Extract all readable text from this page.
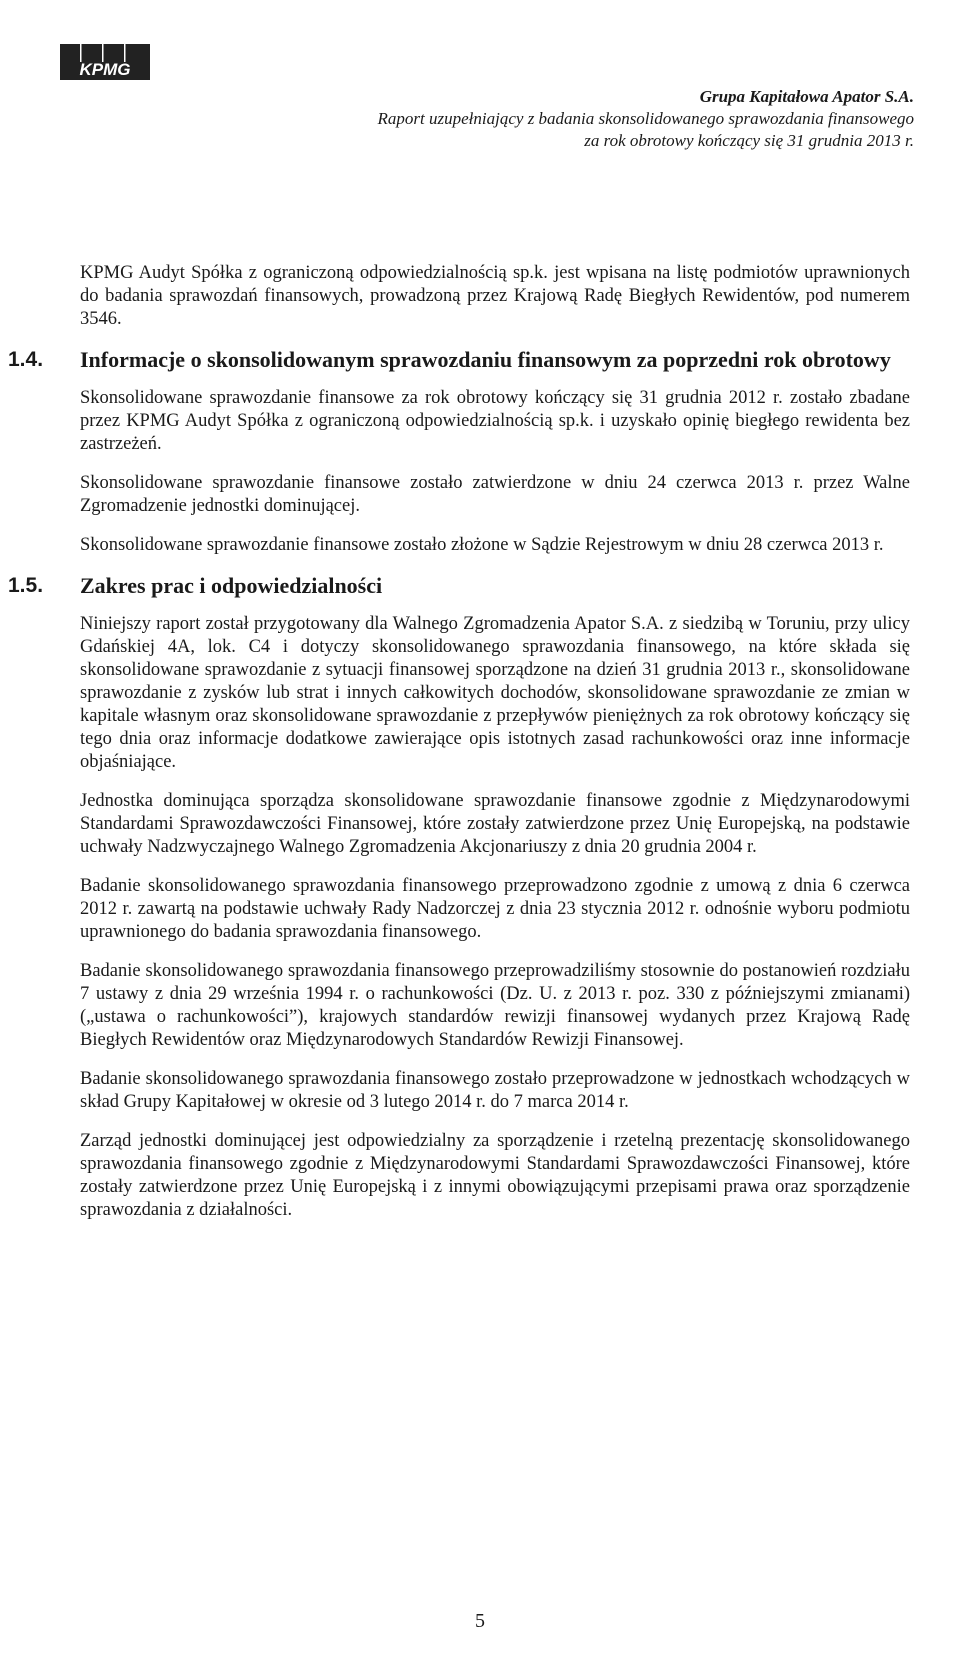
KPMG
Grupa Kapitałowa Apator S.A.
Raport uzupełniający z badania skonsolidowanego sprawozdania finansowego
za rok obrotowy kończący się 31 grudnia 2013 r.

KPMG Audyt Spółka z ograniczoną odpowiedzialnością sp.k. jest wpisana na listę podmiotów uprawnionych do badania sprawozdań finansowych, prowadzoną przez Krajową Radę Biegłych Rewidentów, pod numerem 3546.

1.4. Informacje o skonsolidowanym sprawozdaniu finansowym za poprzedni rok obrotowy

Skonsolidowane sprawozdanie finansowe za rok obrotowy kończący się 31 grudnia 2012 r. zostało zbadane przez KPMG Audyt Spółka z ograniczoną odpowiedzialnością sp.k. i uzyskało opinię biegłego rewidenta bez zastrzeżeń.

Skonsolidowane sprawozdanie finansowe zostało zatwierdzone w dniu 24 czerwca 2013 r. przez Walne Zgromadzenie jednostki dominującej.

Skonsolidowane sprawozdanie finansowe zostało złożone w Sądzie Rejestrowym w dniu 28 czerwca 2013 r.

1.5. Zakres prac i odpowiedzialności

Niniejszy raport został przygotowany dla Walnego Zgromadzenia Apator S.A. z siedzibą w Toruniu, przy ulicy Gdańskiej 4A, lok. C4 i dotyczy skonsolidowanego sprawozdania finansowego, na które składa się skonsolidowane sprawozdanie z sytuacji finansowej sporządzone na dzień 31 grudnia 2013 r., skonsolidowane sprawozdanie z zysków lub strat i innych całkowitych dochodów, skonsolidowane sprawozdanie ze zmian w kapitale własnym oraz skonsolidowane sprawozdanie z przepływów pieniężnych za rok obrotowy kończący się tego dnia oraz informacje dodatkowe zawierające opis istotnych zasad rachunkowości oraz inne informacje objaśniające.

Jednostka dominująca sporządza skonsolidowane sprawozdanie finansowe zgodnie z Międzynarodowymi Standardami Sprawozdawczości Finansowej, które zostały zatwierdzone przez Unię Europejską, na podstawie uchwały Nadzwyczajnego Walnego Zgromadzenia Akcjonariuszy z dnia 20 grudnia 2004 r.

Badanie skonsolidowanego sprawozdania finansowego przeprowadzono zgodnie z umową z dnia 6 czerwca 2012 r. zawartą na podstawie uchwały Rady Nadzorczej z dnia 23 stycznia 2012 r. odnośnie wyboru podmiotu uprawnionego do badania sprawozdania finansowego.

Badanie skonsolidowanego sprawozdania finansowego przeprowadziliśmy stosownie do postanowień rozdziału 7 ustawy z dnia 29 września 1994 r. o rachunkowości (Dz. U. z 2013 r. poz. 330 z późniejszymi zmianami) („ustawa o rachunkowości”), krajowych standardów rewizji finansowej wydanych przez Krajową Radę Biegłych Rewidentów oraz Międzynarodowych Standardów Rewizji Finansowej.

Badanie skonsolidowanego sprawozdania finansowego zostało przeprowadzone w jednostkach wchodzących w skład Grupy Kapitałowej w okresie od 3 lutego 2014 r. do 7 marca 2014 r.

Zarząd jednostki dominującej jest odpowiedzialny za sporządzenie i rzetelną prezentację skonsolidowanego sprawozdania finansowego zgodnie z Międzynarodowymi Standardami Sprawozdawczości Finansowej, które zostały zatwierdzone przez Unię Europejską i z innymi obowiązującymi przepisami prawa oraz sporządzenie sprawozdania z działalności.

5
